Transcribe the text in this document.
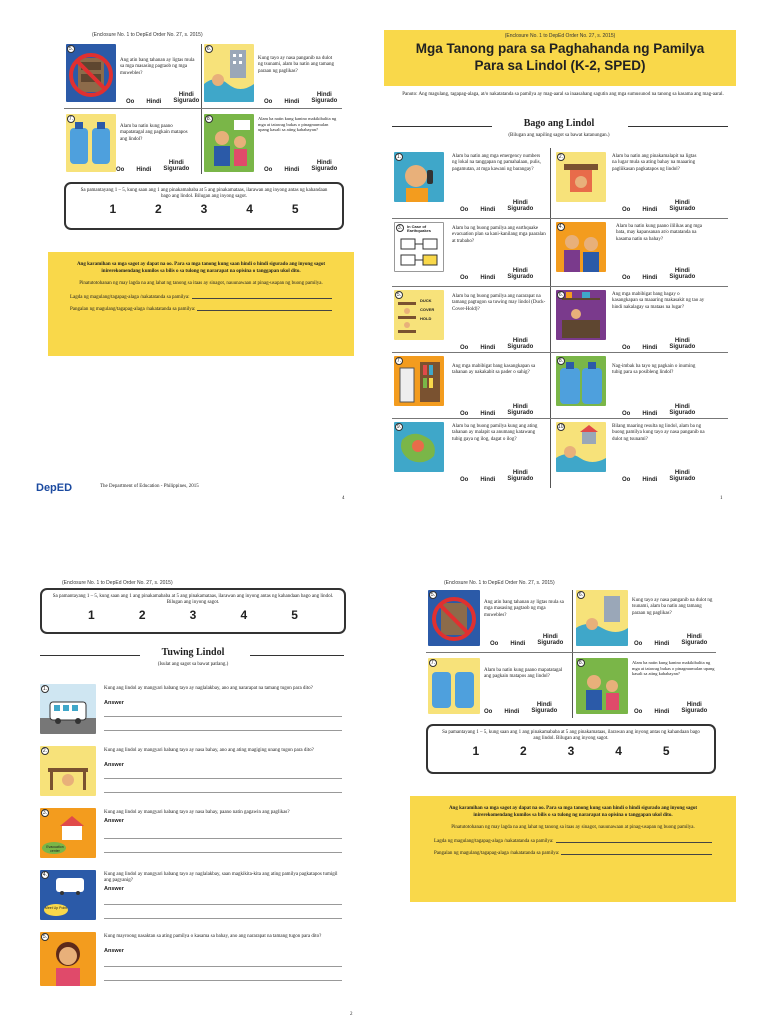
(Enclosure No. 1 to DepEd Order No. 27, s. 2015)
5.
Ang atin bang tahanan ay ligtas mula sa mga masasing pagtaob ng mga muwebles?
Oo Hindi
Hindi
Sigurado
6.
Kung tayo ay nasa panganib na dulot ng tsunami, alam ba natin ang tamang paraan ng paglikas?
Oo Hindi
Hindi
Sigurado
7.
Alam ba natin kung paano mapatatagal ang pagkain matapos ang lindol?
Oo Hindi
Hindi
Sigurado
8.	Alam ba natin kung kanino makikibalita ng mga at tatawag bukas o pinagmumulan upang kasali sa ating kababayan?
Oo Hindi
Hindi
Sigurado
Sa pamantayang 1 – 5, kung saan ang 1 ang pinakamababa at 5 ang pinakamataas, ilarawan ang inyong antas ng kahandaan bago ang lindol. Bilugan ang inyong sagot.
1	2	3	4	5
Ang karamihan sa mga sagot ay dapat na oo. Para sa mga tanong kung saan hindi o hindi sigurado ang inyong sagot inirerekomendang kumilos sa bilis o sa tulong ng nararapat na opisina o tanggapan ukol dito.
Pinatutotohanan ng may lagda na ang lahat ng tanong sa itaas ay sinagot, nauunawaan at pinag-usapan ng buong pamilya.
Lagda ng magulang/tagapag-alaga /nakatatanda sa pamilya:
Pangalan ng magulang/tagapag-alaga /nakatatanda sa pamilya:
DepED	The Department of Education - Philippines, 2015
4
(Enclosure No. 1 to DepEd Order No. 27, s. 2015)
Mga Tanong para sa Paghahanda ng Pamilya Para sa Lindol (K-2, SPED)
Panuto: Ang magulang, tagapag-alaga, at/o nakatatanda sa pamilya ay mag-aaral sa inaasahang sagutin ang mga sumusunod na tanong sa kasama ang mag-aaral.
Bago ang Lindol
(Bilugan ang napiling sagot sa bawat katanungan.)
1.	Alam ba natin ang mga emergency numbers ng lokal na tanggapan ng pamahalaan, pulis, pagamutan, at mga kawani ng barangay?
Oo Hindi
Hindi
Sigurado
2.	Alam ba natin ang pinakamalapit na ligtas na lugar mula sa ating bahay na maaaring pagliikasan pagkatapos ng lindol?
Oo Hindi
Hindi
Sigurado
3.	In Case of Earthquakes	Alam ba ng buong pamilya ang earthquake evacuation plan sa kani-kanilang mga paaralan at trabaho?
Oo Hindi
Hindi
Sigurado
4.	Alam ba natin kung paano ililikas ang mga bata, may kapansanan at/o matatanda na kasama natin sa bahay?
Oo Hindi
Hindi
Sigurado
5.
DUCK
COVER
HOLD
Alam ba ng buong pamilya ang nararapat na tamang pagtugon sa tuwing may lindol (Duck-Cover-Hold)?
Oo Hindi
Hindi
Sigurado
6.	Ang mga mabibigat bang bagay o kasangkapan sa maaaring makasakit ng tao ay hindi nakalagay sa mataas na lugar?
Oo Hindi
Hindi
Sigurado
7.
Ang mga mabibigat bang kasangkapan sa tahanan ay nakakabit sa pader o sahig?
Oo Hindi
Hindi
Sigurado
8.
Nag-imbak ba tayo ng pagkain o inuming tubig para sa posibleng lindol?
Oo Hindi
Hindi
Sigurado
9.	Alam ba ng buong pamilya kung ang ating tahanan ay malapit sa anumang katawang tubig gaya ng ilog, dagat o ilog?
Oo Hindi
Hindi
Sigurado
10.	Bilang maaring resulta ng lindol, alam ba ng buong pamilya kung tayo ay nasa panganib na dulot ng tsunami?
Oo Hindi
Hindi
Sigurado
1
(Enclosure No. 1 to DepEd Order No. 27, s. 2015)
Sa pamantayang 1 – 5, kung saan ang 1 ang pinakamababa at 5 ang pinakamataas, ilarawan ang inyong antas ng kahandaan bago ang lindol. Bilugan ang inyong sagot.
1	2	3	4	5
Tuwing Lindol
(Isulat ang sagot sa bawat patlang.)
1.	Kung ang lindol ay mangyari habang tayo ay naglalakbay, ano ang nararapat na tamang tugon para dito?
Answer
2.	Kung ang lindol ay mangyari habang tayo ay nasa bahay, ano ang ating magiging unang tugon para dito?
Answer
3.
Evacuation center
Kung ang lindol ay mangyari habang tayo ay nasa bahay, paano natin gagawin ang paglikas?
Answer
4.
Meet Up Point
Kung ang lindol ay mangyari habang tayo ay naglalakbay, saan magkikita-kita ang ating pamilya pagkatapos tumigil ang pagyanig?
Answer
5.	Kung mayroong nasaktan sa ating pamilya o kasama sa bahay, ano ang nararapat na tamang tugon para dito?
Answer
2
(Enclosure No. 1 to DepEd Order No. 27, s. 2015)
5.
Ang atin bang tahanan ay ligtas mula sa mga masasing pagtaob ng mga muwebles?
Oo Hindi
Hindi
Sigurado
6.
Kung tayo ay nasa panganib na dulot ng tsunami, alam ba natin ang tamang paraan ng paglikas?
Oo Hindi
Hindi
Sigurado
7.
Alam ba natin kung paano mapatatagal ang pagkain matapos ang lindol?
Oo Hindi
Hindi
Sigurado
8.	Alam ba natin kung kanino makikibalita ng mga at tatawag bukas o pinagmumulan upang kasali sa ating kababayan?
Oo Hindi
Hindi
Sigurado
Sa pamantayang 1 – 5, kung saan ang 1 ang pinakamababa at 5 ang pinakamataas, ilarawan ang inyong antas ng kahandaan bago ang lindol. Bilugan ang inyong sagot.
1	2	3	4	5
Ang karamihan sa mga sagot ay dapat na oo. Para sa mga tanong kung saan hindi o hindi sigurado ang inyong sagot inirerekomendang kumilos sa bilis o sa tulong ng nararapat na opisina o tanggapan ukol dito.
Pinatutotohanan ng may lagda na ang lahat ng tanong sa itaas ay sinagot, nauunawaan at pinag-usapan ng buong pamilya.
Lagda ng magulang/tagapag-alaga /nakatatanda sa pamilya:
Pangalan ng magulang/tagapag-alaga /nakatatanda sa pamilya:
